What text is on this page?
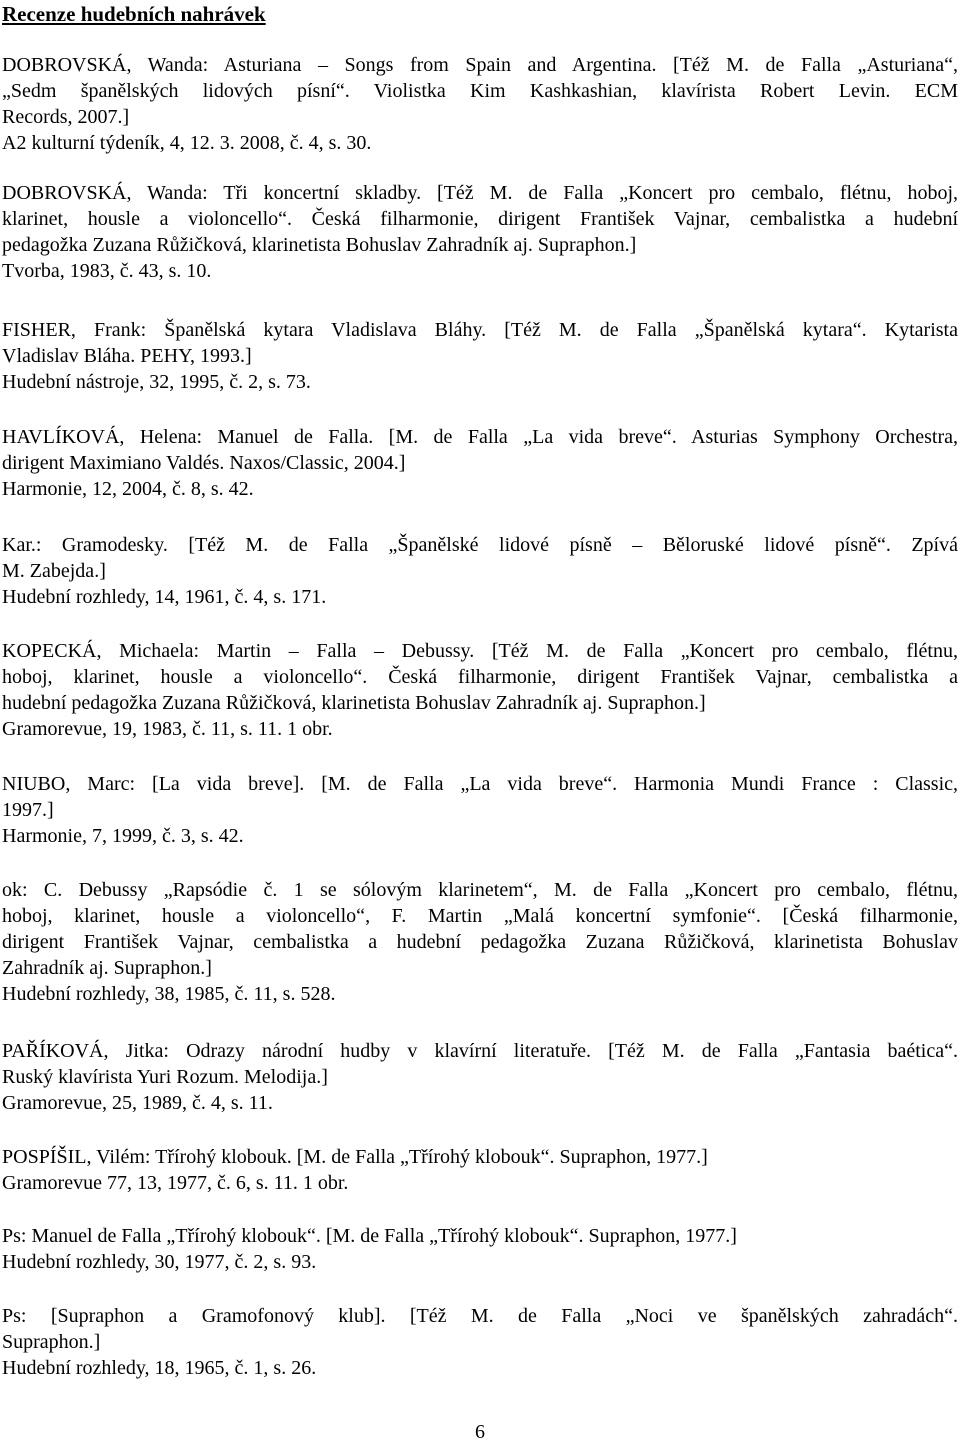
Recenze hudebních nahrávek
DOBROVSKÁ, Wanda: Asturiana – Songs from Spain and Argentina. [Též M. de Falla „Asturiana“,
„Sedm španělských lidových písní“. Violistka Kim Kashkashian, klavírista Robert Levin. ECM
Records, 2007.]
A2 kulturní týdeník, 4, 12. 3. 2008, č. 4, s. 30.
DOBROVSKÁ, Wanda: Tři koncertní skladby. [Též M. de Falla „Koncert pro cembalo, flétnu, hoboj,
klarinet, housle a violoncello“. Česká filharmonie, dirigent František Vajnar, cembalistka a hudební
pedagožka Zuzana Růžičková, klarinetista Bohuslav Zahradník aj. Supraphon.]
Tvorba, 1983, č. 43, s. 10.
FISHER, Frank: Španělská kytara Vladislava Bláhy. [Též M. de Falla „Španělská kytara“. Kytarista
Vladislav Bláha. PEHY, 1993.]
Hudební nástroje, 32, 1995, č. 2, s. 73.
HAVLÍKOVÁ, Helena: Manuel de Falla. [M. de Falla „La vida breve“. Asturias Symphony Orchestra,
dirigent Maximiano Valdés. Naxos/Classic, 2004.]
Harmonie, 12, 2004, č. 8, s. 42.
Kar.: Gramodesky. [Též M. de Falla „Španělské lidové písně – Běloruské lidové písně“. Zpívá
M. Zabejda.]
Hudební rozhledy, 14, 1961, č. 4, s. 171.
KOPECKÁ, Michaela: Martin – Falla – Debussy. [Též M. de Falla „Koncert pro cembalo, flétnu,
hoboj, klarinet, housle a violoncello“. Česká filharmonie, dirigent František Vajnar, cembalistka a
hudební pedagožka Zuzana Růžičková, klarinetista Bohuslav Zahradník aj. Supraphon.]
Gramorevue, 19, 1983, č. 11, s. 11. 1 obr.
NIUBO, Marc: [La vida breve]. [M. de Falla „La vida breve“. Harmonia Mundi France : Classic,
1997.]
Harmonie, 7, 1999, č. 3, s. 42.
ok: C. Debussy „Rapsódie č. 1 se sólovým klarinetem“, M. de Falla „Koncert pro cembalo, flétnu,
hoboj, klarinet, housle a violoncello“, F. Martin „Malá koncertní symfonie“. [Česká filharmonie,
dirigent František Vajnar, cembalistka a hudební pedagožka Zuzana Růžičková, klarinetista Bohuslav
Zahradník aj. Supraphon.]
Hudební rozhledy, 38, 1985, č. 11, s. 528.
PAŘÍKOVÁ, Jitka: Odrazy národní hudby v klavírní literatuře. [Též M. de Falla „Fantasia baética“.
Ruský klavírista Yuri Rozum. Melodija.]
Gramorevue, 25, 1989, č. 4, s. 11.
POSPÍŠIL, Vilém: Třírohý klobouk. [M. de Falla „Třírohý klobouk“. Supraphon, 1977.]
Gramorevue 77, 13, 1977, č. 6, s. 11. 1 obr.
Ps: Manuel de Falla „Třírohý klobouk“. [M. de Falla „Třírohý klobouk“. Supraphon, 1977.]
Hudební rozhledy, 30, 1977, č. 2, s. 93.
Ps: [Supraphon a Gramofonový klub]. [Též M. de Falla „Noci ve španělských zahradách“.
Supraphon.]
Hudební rozhledy, 18, 1965, č. 1, s. 26.
6
